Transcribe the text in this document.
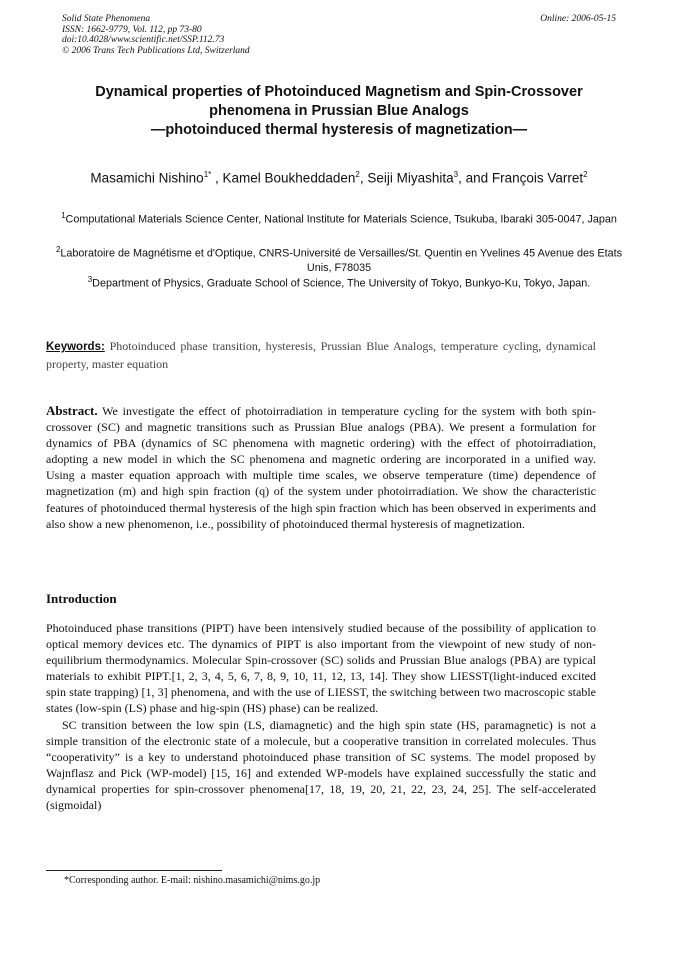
Solid State Phenomena
ISSN: 1662-9779, Vol. 112, pp 73-80
doi:10.4028/www.scientific.net/SSP.112.73
© 2006 Trans Tech Publications Ltd, Switzerland
Online: 2006-05-15
Dynamical properties of Photoinduced Magnetism and Spin-Crossover
phenomena in Prussian Blue Analogs
—photoinduced thermal hysteresis of magnetization—
Masamichi Nishino$^{1*}$ , Kamel Boukheddaden$^2$, Seiji Miyashita$^3$, and François Varret$^2$
$^1$Computational Materials Science Center, National Institute for Materials Science, Tsukuba, Ibaraki 305-0047, Japan
$^2$Laboratoire de Magnétisme et d'Optique, CNRS-Université de Versailles/St. Quentin en Yvelines 45 Avenue des Etats Unis, F78035
$^3$Department of Physics, Graduate School of Science, The University of Tokyo, Bunkyo-Ku, Tokyo, Japan.
Keywords: Photoinduced phase transition, hysteresis, Prussian Blue Analogs, temperature cycling, dynamical property, master equation
Abstract. We investigate the effect of photoirradiation in temperature cycling for the system with both spin-crossover (SC) and magnetic transitions such as Prussian Blue analogs (PBA). We present a formulation for dynamics of PBA (dynamics of SC phenomena with magnetic ordering) with the effect of photoirradiation, adopting a new model in which the SC phenomena and magnetic ordering are incorporated in a unified way. Using a master equation approach with multiple time scales, we observe temperature (time) dependence of magnetization (m) and high spin fraction (q) of the system under photoirradiation. We show the characteristic features of photoinduced thermal hysteresis of the high spin fraction which has been observed in experiments and also show a new phenomenon, i.e., possibility of photoinduced thermal hysteresis of magnetization.
Introduction

Photoinduced phase transitions (PIPT) have been intensively studied because of the possibility of application to optical memory devices etc. The dynamics of PIPT is also important from the viewpoint of new study of non-equilibrium thermodynamics. Molecular Spin-crossover (SC) solids and Prussian Blue analogs (PBA) are typical materials to exhibit PIPT.[1, 2, 3, 4, 5, 6, 7, 8, 9, 10, 11, 12, 13, 14]. They show LIESST(light-induced excited spin state trapping) [1, 3] phenomena, and with the use of LIESST, the switching between two macroscopic stable states (low-spin (LS) phase and hig-spin (HS) phase) can be realized.

SC transition between the low spin (LS, diamagnetic) and the high spin state (HS, paramagnetic) is not a simple transition of the electronic state of a molecule, but a cooperative transition in correlated molecules. Thus “cooperativity” is a key to understand photoinduced phase transition of SC systems. The model proposed by Wajnflasz and Pick (WP-model) [15, 16] and extended WP-models have explained successfully the static and dynamical properties for spin-crossover phenomena[17, 18, 19, 20, 21, 22, 23, 24, 25]. The self-accelerated (sigmoidal)

*Corresponding author. E-mail: nishino.masamichi@nims.go.jp
